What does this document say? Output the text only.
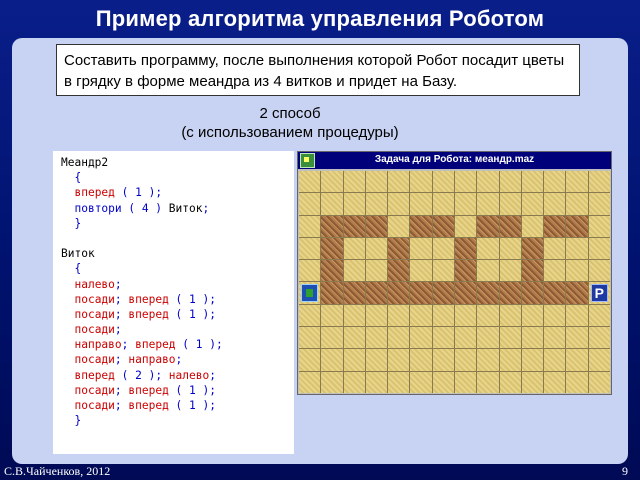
Пример алгоритма управления Роботом
Составить программу, после выполнения которой Робот посадит цветы в грядку в форме меандра из 4 витков и придет на Базу.
2 способ
(с использованием процедуры)
Меандр2
{
вперед ( 1 );
повтори ( 4 ) Виток;
}
Виток
{
налево;
посади; вперед ( 1 );
посади; вперед ( 1 );
посади;
направо; вперед ( 1 );
посади; направо;
вперед ( 2 ); налево;
посади; вперед ( 1 );
посади; вперед ( 1 );
}
Задача для Робота: меандр.maz
Р
С.В.Чайченков, 2012	9
